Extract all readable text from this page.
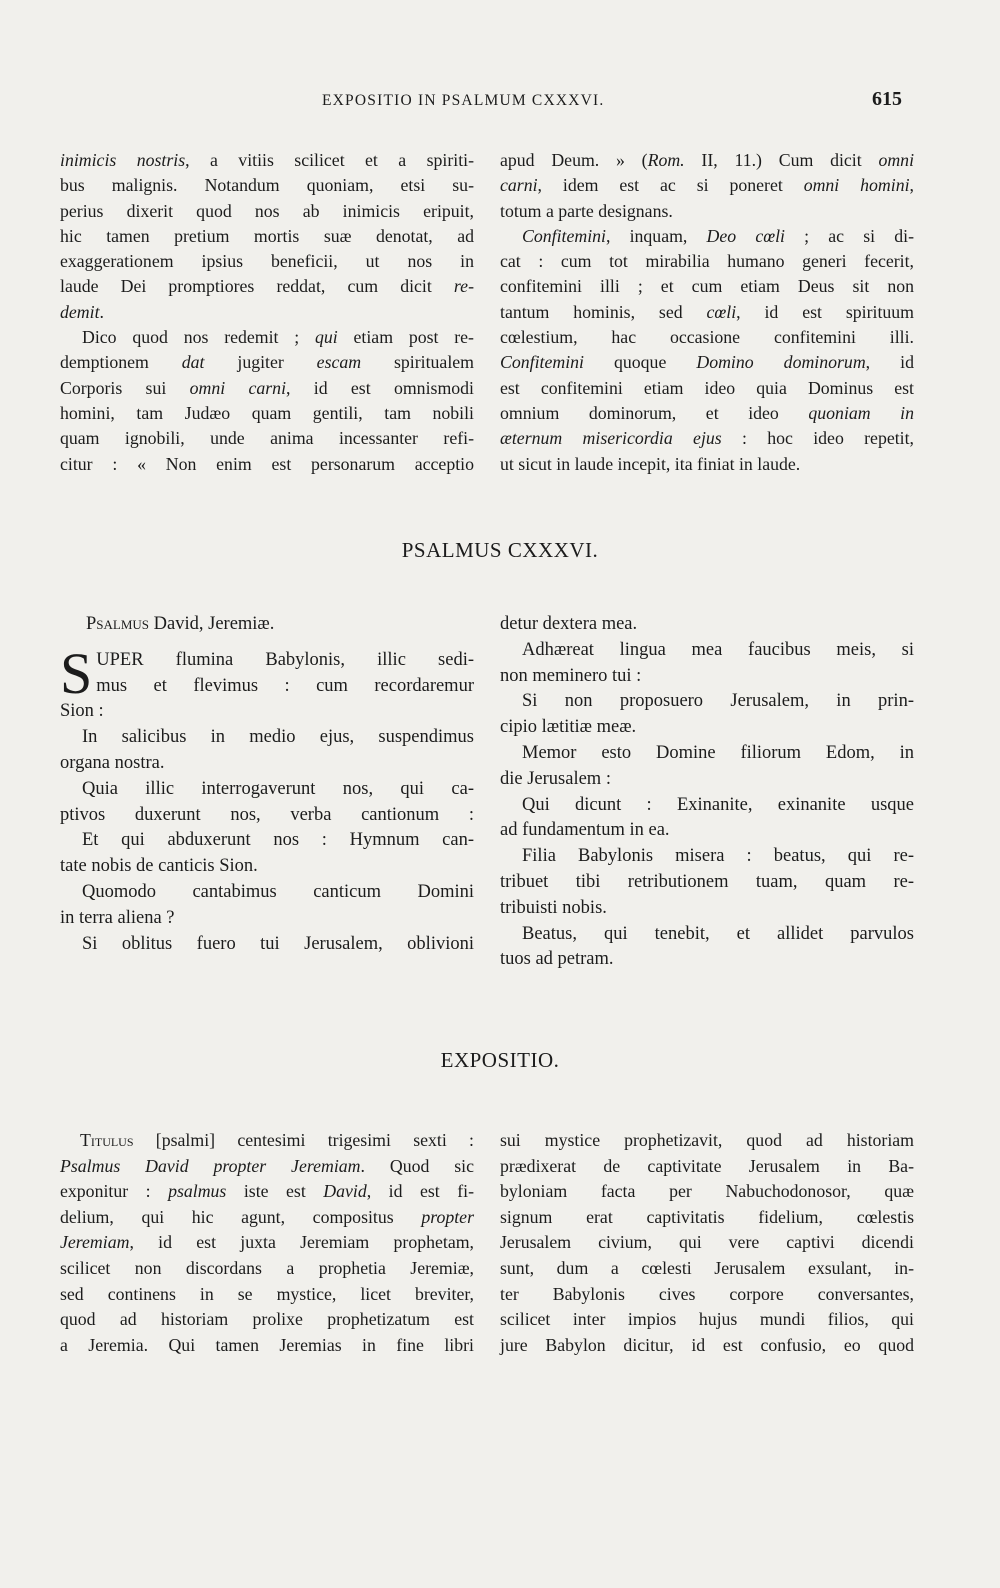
EXPOSITIO IN PSALMUM CXXXVI.	615

inimicis nostris, a vitiis scilicet et a spiriti-
bus malignis. Notandum quoniam, etsi su-
perius dixerit quod nos ab inimicis eripuit,
hic tamen pretium mortis suæ denotat, ad
exaggerationem ipsius beneficii, ut nos in
laude Dei promptiores reddat, cum dicit re-
demit.

Dico quod nos redemit ; qui etiam post re-
demptionem dat jugiter escam spiritualem
Corporis sui omni carni, id est omnismodi
homini, tam Judæo quam gentili, tam nobili
quam ignobili, unde anima incessanter refi-
citur : « Non enim est personarum acceptio

apud Deum. » (Rom. II, 11.) Cum dicit omni
carni, idem est ac si poneret omni homini,
totum a parte designans.

Confitemini, inquam, Deo cœli ; ac si di-
cat : cum tot mirabilia humano generi fecerit,
confitemini illi ; et cum etiam Deus sit non
tantum hominis, sed cœli, id est spirituum
cœlestium, hac occasione confitemini illi.

Confitemini quoque Domino dominorum, id
est confitemini etiam ideo quia Dominus est
omnium dominorum, et ideo quoniam in
æternum misericordia ejus : hoc ideo repetit,
ut sicut in laude incepit, ita finiat in laude.

PSALMUS CXXXVI.

Psalmus David, Jeremiæ.

S UPER flumina Babylonis, illic sedi-
mus et flevimus : cum recordaremur
Sion :
In salicibus in medio ejus, suspendimus
organa nostra.
Quia illic interrogaverunt nos, qui ca-
ptivos duxerunt nos, verba cantionum :
Et qui abduxerunt nos : Hymnum can-
tate nobis de canticis Sion.
Quomodo cantabimus canticum Domini
in terra aliena ?
Si oblitus fuero tui Jerusalem, oblivioni

detur dextera mea.
Adhæreat lingua mea faucibus meis, si
non meminero tui :
Si non proposuero Jerusalem, in prin-
cipio lætitiæ meæ.
Memor esto Domine filiorum Edom, in
die Jerusalem :
Qui dicunt : Exinanite, exinanite usque
ad fundamentum in ea.
Filia Babylonis misera : beatus, qui re-
tribuet tibi retributionem tuam, quam re-
tribuisti nobis.
Beatus, qui tenebit, et allidet parvulos
tuos ad petram.

EXPOSITIO.

Titulus [psalmi] centesimi trigesimi sexti :
Psalmus David propter Jeremiam. Quod sic
exponitur : psalmus iste est David, id est fi-
delium, qui hic agunt, compositus propter
Jeremiam, id est juxta Jeremiam prophetam,
scilicet non discordans a prophetia Jeremiæ,
sed continens in se mystice, licet breviter,
quod ad historiam prolixe prophetizatum est
a Jeremia. Qui tamen Jeremias in fine libri

sui mystice prophetizavit, quod ad historiam
prædixerat de captivitate Jerusalem in Ba-
byloniam facta per Nabuchodonosor, quæ
signum erat captivitatis fidelium, cœlestis
Jerusalem civium, qui vere captivi dicendi
sunt, dum a cœlesti Jerusalem exsulant, in-
ter Babylonis cives corpore conversantes,
scilicet inter impios hujus mundi filios, qui
jure Babylon dicitur, id est confusio, eo quod
